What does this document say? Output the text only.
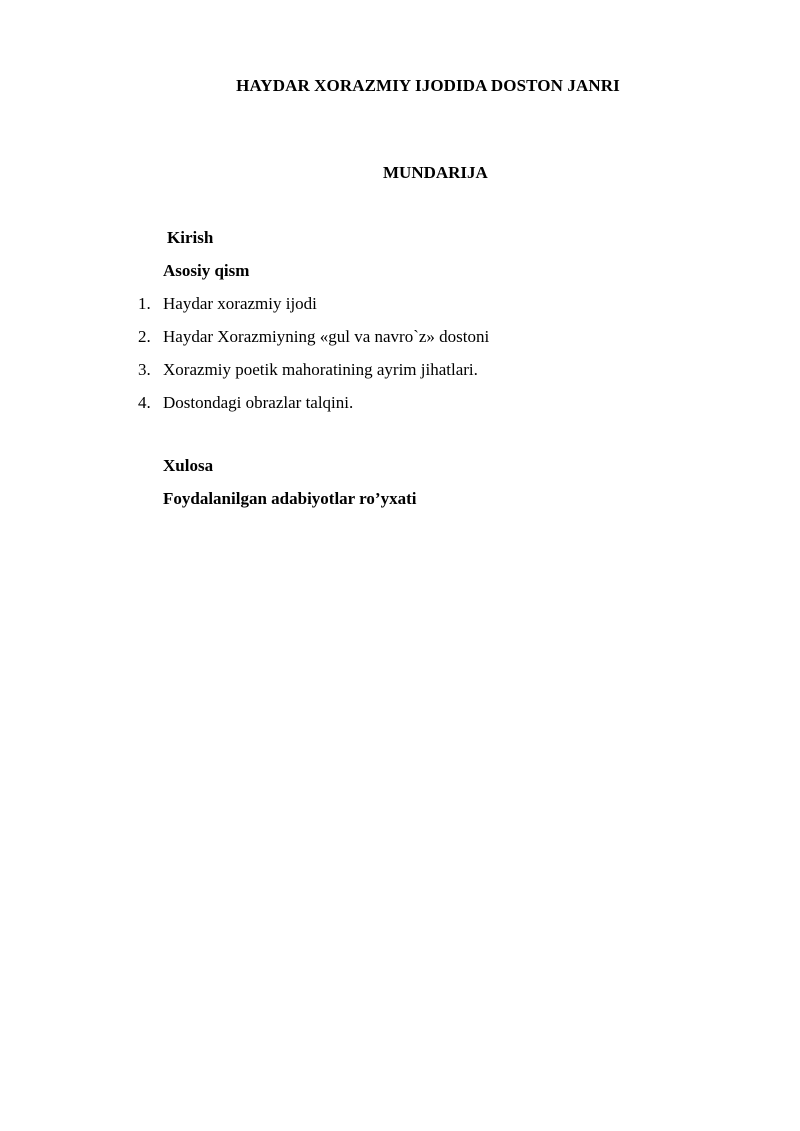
HAYDAR XORAZMIY IJODIDA DOSTON JANRI
MUNDARIJA

Kirish

Asosiy qism

1. Haydar xorazmiy ijodi
2. Haydar Xorazmiyning «gul va navro`z» dostoni
3. Xorazmiy poetik mahoratining ayrim jihatlari.
4. Dostondagi obrazlar talqini.

Xulosa

Foydalanilgan adabiyotlar ro’yxati
